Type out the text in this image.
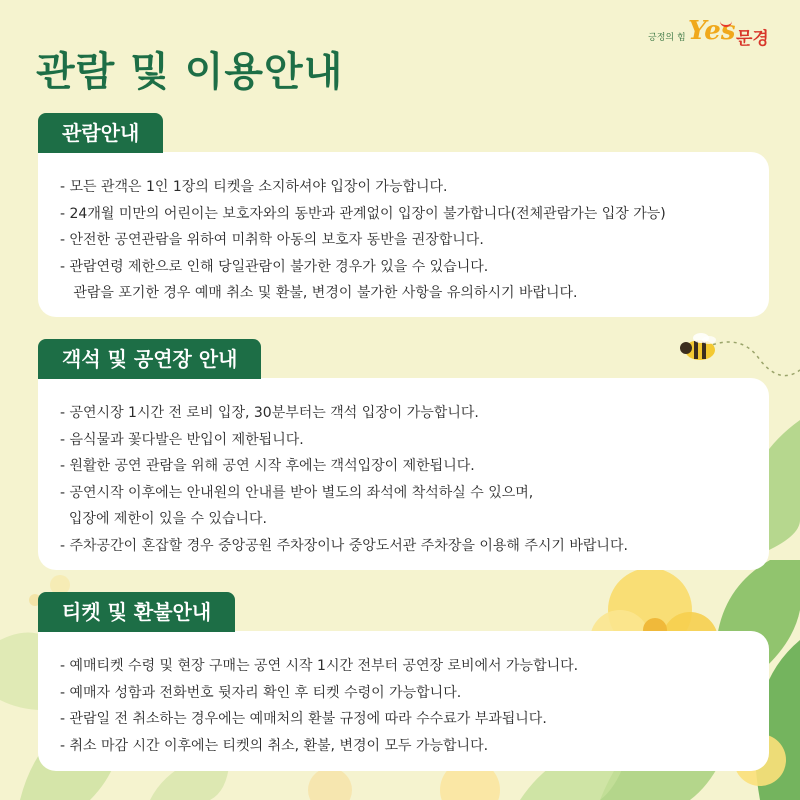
관람 및 이용안내
긍정의 힘 Yes 문경
관람안내
- 모든 관객은 1인 1장의 티켓을 소지하셔야 입장이 가능합니다.
- 24개월 미만의 어린이는 보호자와의 동반과 관계없이 입장이 불가합니다(전체관람가는 입장 가능)
- 안전한 공연관람을 위하여 미취학 아동의 보호자 동반을 권장합니다.
- 관람연령 제한으로 인해 당일관람이 불가한 경우가 있을 수 있습니다.
관람을 포기한 경우 예매 취소 및 환불, 변경이 불가한 사항을 유의하시기 바랍니다.
객석 및 공연장 안내
- 공연시장 1시간 전 로비 입장, 30분부터는 객석 입장이 가능합니다.
- 음식물과 꽃다발은 반입이 제한됩니다.
- 원활한 공연 관람을 위해 공연 시작 후에는 객석입장이 제한됩니다.
- 공연시작 이후에는 안내원의 안내를 받아 별도의 좌석에 착석하실 수 있으며,
입장에 제한이 있을 수 있습니다.
- 주차공간이 혼잡할 경우 중앙공원 주차장이나 중앙도서관 주차장을 이용해 주시기 바랍니다.
티켓 및 환불안내
- 예매티켓 수령 및 현장 구매는 공연 시작 1시간 전부터 공연장 로비에서 가능합니다.
- 예매자 성함과 전화번호 뒷자리 확인 후 티켓 수령이 가능합니다.
- 관람일 전 취소하는 경우에는 예매처의 환불 규정에 따라 수수료가 부과됩니다.
- 취소 마감 시간 이후에는 티켓의 취소, 환불, 변경이 모두 가능합니다.
